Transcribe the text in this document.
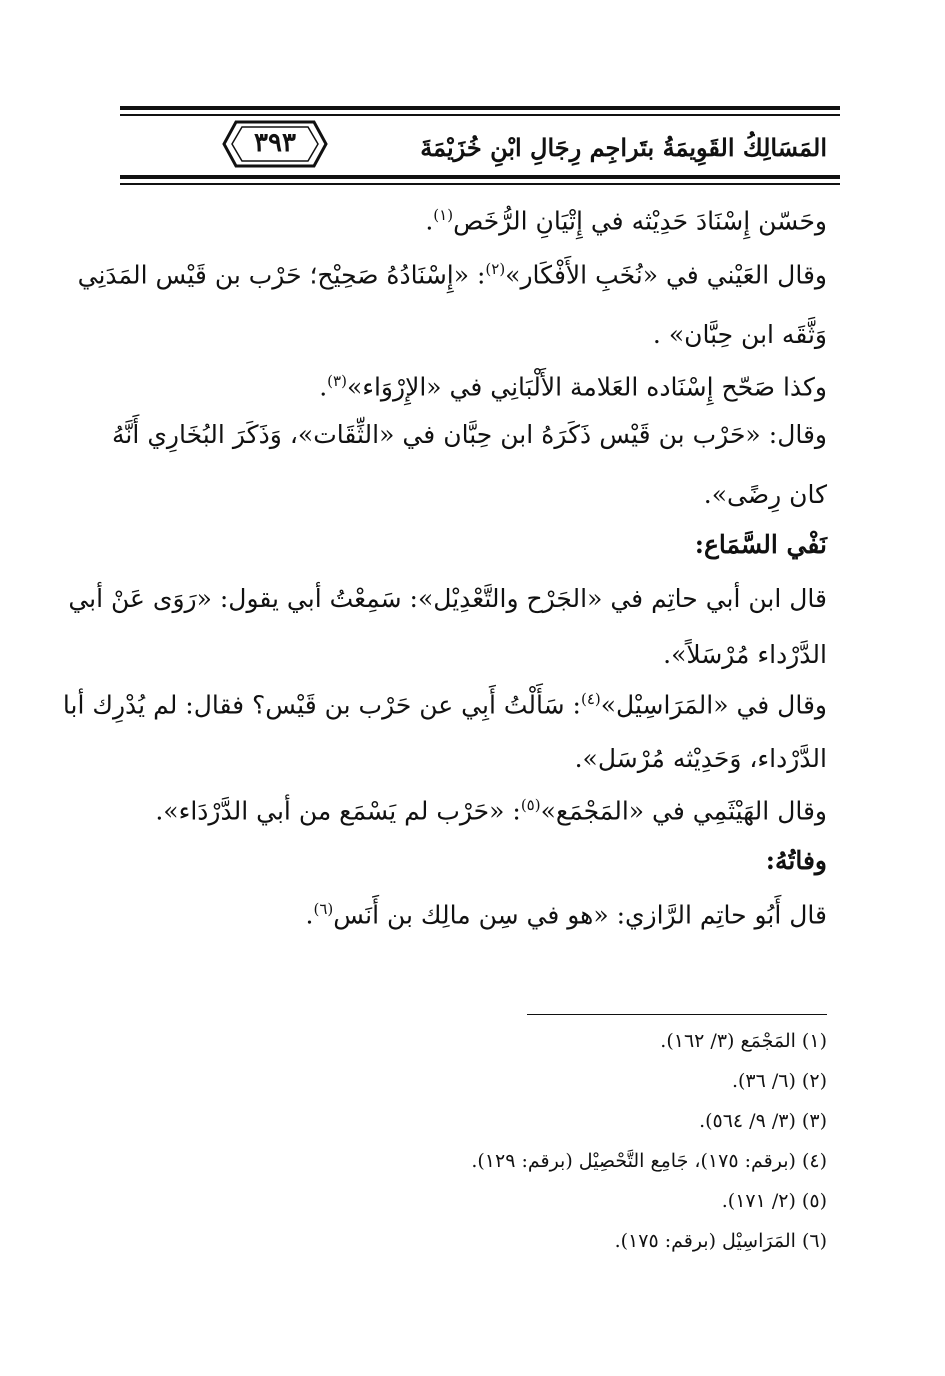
المَسَالِكُ القَوِيمَةُ بتَراجِم رِجَالِ ابْنِ خُزَيْمَةَ
٣٩٣
وحَسّن إِسْنَادَ حَدِيْثه في إِتْيَانِ الرُّخَص$^{(١)}$.
وقال العَيْني في «نُخَبِ الأَفْكَار»$^{(٢)}$: «إِسْنَادُهُ صَحِيْح؛ حَرْب بن قَيْس المَدَنِي
وَثَّقَه ابن حِبَّان» .
وكذا صَحّح إِسْنَاده العَلامة الأَلْبَانِي في «الإِرْوَاء»$^{(٣)}$.
وقال: «حَرْب بن قَيْس ذَكَرَهُ ابن حِبَّان في «الثِّقَات»، وَذَكَرَ البُخَارِي أَنَّهُ
كان رِضًى».
نَفْي السَّمَاع:
قال ابن أبي حاتِم في «الجَرْح والتَّعْدِيْل»: سَمِعْتُ أبي يقول: «رَوَى عَنْ أبي
الدَّرْداء مُرْسَلاً».
وقال في «المَرَاسِيْل»$^{(٤)}$: سَأَلْتُ أَبِي عن حَرْب بن قَيْس؟ فقال: لم يُدْرِك أبا
الدَّرْداء، وَحَدِيْثه مُرْسَل».
وقال الهَيْثَمِي في «المَجْمَع»$^{(٥)}$: «حَرْب لم يَسْمَع من أبي الدَّرْدَاء».
وفاتُهُ:
قال أَبُو حاتِم الرَّازي: «هو في سِن مالِك بن أَنَس$^{(٦)}$.
(١) المَجْمَع (٣/ ١٦٢).
(٢) (٦/ ٣٦).
(٣) (٣/ ٩/ ٥٦٤).
(٤) (برقم: ١٧٥)، جَامِع التَّحْصِيْل (برقم: ١٢٩).
(٥) (٢/ ١٧١).
(٦) المَرَاسِيْل (برقم: ١٧٥).
